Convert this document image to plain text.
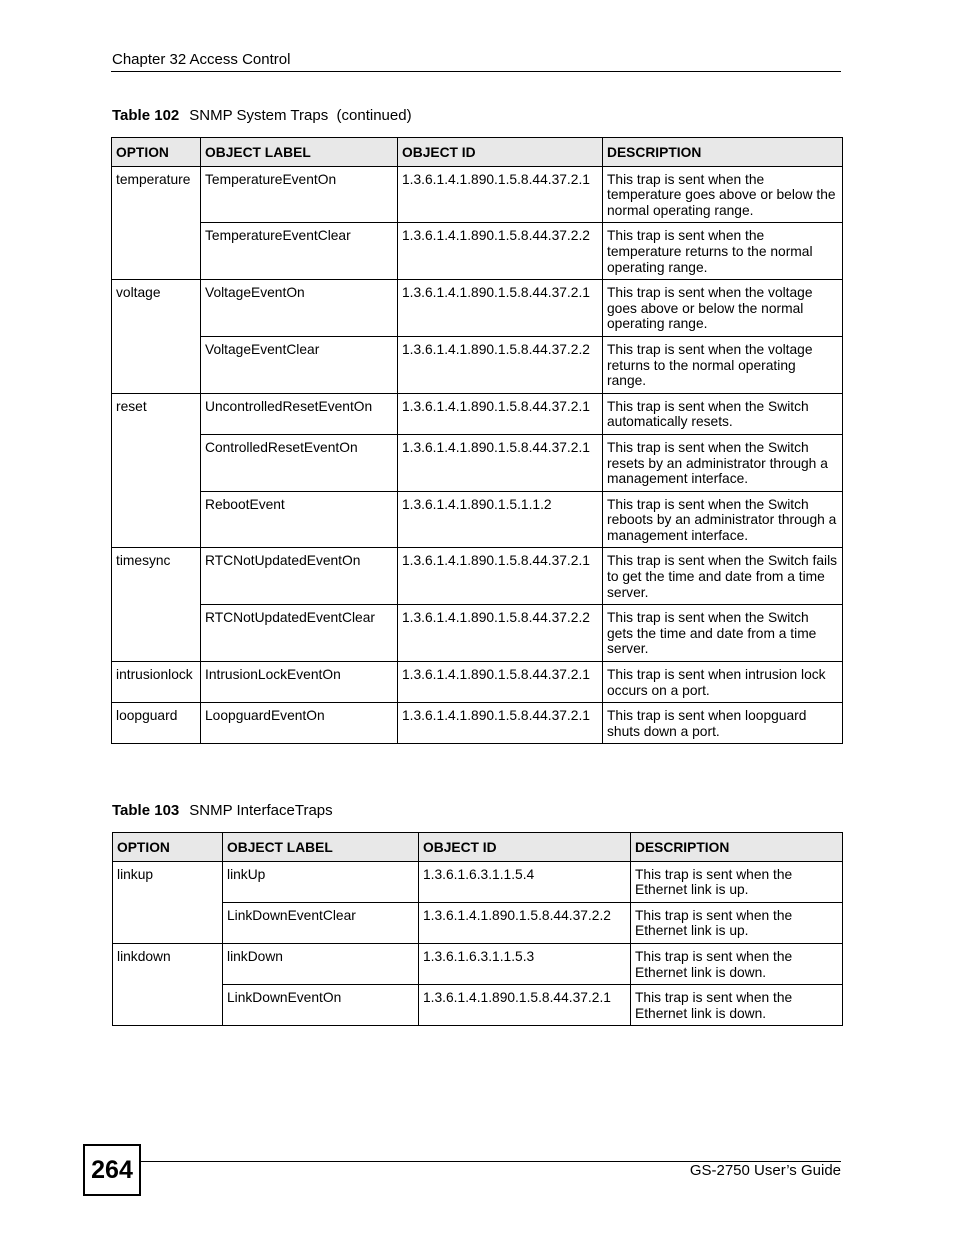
Chapter 32 Access Control
Table 102 SNMP System Traps  (continued)
OPTION	OBJECT LABEL	OBJECT ID	DESCRIPTION
temperature	TemperatureEventOn	1.3.6.1.4.1.890.1.5.8.44.37.2.1	This trap is sent when the temperature goes above or below the normal operating range.
	TemperatureEventClear	1.3.6.1.4.1.890.1.5.8.44.37.2.2	This trap is sent when the temperature returns to the normal operating range.
voltage	VoltageEventOn	1.3.6.1.4.1.890.1.5.8.44.37.2.1	This trap is sent when the voltage goes above or below the normal operating range.
	VoltageEventClear	1.3.6.1.4.1.890.1.5.8.44.37.2.2	This trap is sent when the voltage returns to the normal operating range.
reset	UncontrolledResetEventOn	1.3.6.1.4.1.890.1.5.8.44.37.2.1	This trap is sent when the Switch automatically resets.
	ControlledResetEventOn	1.3.6.1.4.1.890.1.5.8.44.37.2.1	This trap is sent when the Switch resets by an administrator through a management interface.
	RebootEvent	1.3.6.1.4.1.890.1.5.1.1.2	This trap is sent when the Switch reboots by an administrator through a management interface.
timesync	RTCNotUpdatedEventOn	1.3.6.1.4.1.890.1.5.8.44.37.2.1	This trap is sent when the Switch fails to get the time and date from a time server.
	RTCNotUpdatedEventClear	1.3.6.1.4.1.890.1.5.8.44.37.2.2	This trap is sent when the Switch gets the time and date from a time server.
intrusionlock	IntrusionLockEventOn	1.3.6.1.4.1.890.1.5.8.44.37.2.1	This trap is sent when intrusion lock occurs on a port.
loopguard	LoopguardEventOn	1.3.6.1.4.1.890.1.5.8.44.37.2.1	This trap is sent when loopguard shuts down a port.
Table 103 SNMP InterfaceTraps
OPTION	OBJECT LABEL	OBJECT ID	DESCRIPTION
linkup	linkUp	1.3.6.1.6.3.1.1.5.4	This trap is sent when the Ethernet link is up.
	LinkDownEventClear	1.3.6.1.4.1.890.1.5.8.44.37.2.2	This trap is sent when the Ethernet link is up.
linkdown	linkDown	1.3.6.1.6.3.1.1.5.3	This trap is sent when the Ethernet link is down.
	LinkDownEventOn	1.3.6.1.4.1.890.1.5.8.44.37.2.1	This trap is sent when the Ethernet link is down.
264	GS-2750 User’s Guide
